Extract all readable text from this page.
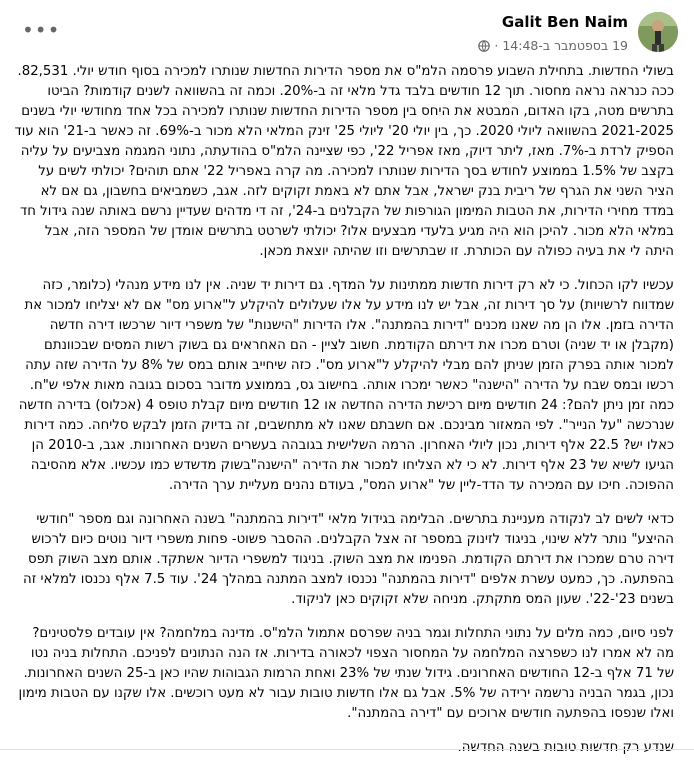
Galit Ben Naim
19 בספטמבר ב-14:48
·
•••

בשולי החדשות. בתחילת השבוע פרסמה הלמ"ס את מספר הדירות החדשות שנותרו למכירה בסוף חודש יולי. 82,531. ככה כנראה נראה מחסור. תוך 12 חודשים בלבד גדל מלאי זה ב-20%. וכמה זה בהשוואה לשנים קודמות? הביטו בתרשים מטה, בקו האדום, המבטא את היחס בין מספר הדירות החדשות שנותרו למכירה בכל אחד מחודשי יולי בשנים 2021-2025 בהשוואה ליולי 2020. כך, בין יולי 20' ליולי 25' זינק המלאי הלא מכור ב-69%. זה כאשר ב-21' הוא עוד הספיק לרדת ב-7%. מאז, ליתר דיוק, מאז אפריל 22', כפי שציינה הלמ"ס בהודעתה, נתוני המגמה מצביעים על עליה בקצב של 1.5% בממוצע לחודש בסך הדירות שנותרו למכירה. מה קרה באפריל 22' אתם תוהים? יכולתי לשים על הציר השני את הגרף של ריבית בנק ישראל, אבל אתם לא באמת זקוקים לזה. אגב, כשמביאים בחשבון, גם אם לא במדד מחירי הדירות, את הטבות המימון הגורפות של הקבלנים ב-24', זה די מדהים שעדיין נרשם באותה שנה גידול חד במלאי הלא מכור. להיכן הוא היה מגיע בלעדי מבצעים אלו? יכולתי לשרטט בתרשים אומדן של המספר הזה, אבל היתה לי את בעיה כפולה עם הכותרת. זו שבתרשים וזו שהיתה יוצאת מכאן.

עכשיו לקו הכחול. כי לא רק דירות חדשות ממתינות על המדף. גם דירות יד שניה. אין לנו מידע מנהלי (כלומר, כזה שמדווח לרשויות) על סך דירות זה, אבל יש לנו מידע על אלו שעלולים להיקלע ל"ארוע מס" אם לא יצליחו למכור את הדירה בזמן. אלו הן מה שאנו מכנים "דירות בהמתנה". אלו הדירות "הישנות" של משפרי דיור שרכשו דירה חדשה (מקבלן או יד שניה) וטרם מכרו את דירתם הקודמת. חשוב לציין - הם האחראים גם בשוק רשות המסים שבכוונתם למכור אותה בפרק הזמן שניתן להם מבלי להיקלע ל"ארוע מס". כזה שיחייב אותם במס של 8% על הדירה שזה עתה רכשו ובמס שבח על הדירה "הישנה" כאשר ימכרו אותה. בחישוב גס, בממוצע מדובר בסכום בגובה מאות אלפי ש"ח. כמה זמן ניתן להם?: 24 חודשים מיום רכישת הדירה החדשה או 12 חודשים מיום קבלת טופס 4 (אכלוס) בדירה חדשה שנרכשה "על הנייר". לפי המאזור מבינכם. אם חשבתם שאנו לא מתחשבים, זה בדיוק הזמן לבקש סליחה. כמה דירות כאלו יש? 22.5 אלף דירות, נכון ליולי האחרון. הרמה השלישית בגובהה בעשרים השנים האחרונות. אגב, ב-2010 הן הגיעו לשיא של 23 אלף דירות. לא כי לא הצליחו למכור את הדירה "הישנה"בשוק מדשדש כמו עכשיו. אלא מהסיבה ההפוכה. חיכו עם המכירה עד הדד-ליין של "ארוע המס", בעודם נהנים מעליית ערך הדירה.

כדאי לשים לב לנקודה מעניינת בתרשים. הבלימה בגידול מלאי "דירות בהמתנה" בשנה האחרונה וגם מספר "חודשי ההיצע" נותר ללא שינוי, בניגוד לזינוק במספר זה אצל הקבלנים. ההסבר פשוט- פחות משפרי דיור נוטים כיום לרכוש דירה טרם שמכרו את דירתם הקודמת. הפנימו את מצב השוק. בניגוד למשפרי הדיור אשתקד. אותם מצב השוק תפס בהפתעה. כך, כמעט עשרת אלפים "דירות בהמתנה" נכנסו למצב המתנה במהלך 24'. עוד 7.5 אלף נכנסו למלאי זה בשנים 23'-22'. שעון המס מתקתק. מניחה שלא זקוקים כאן לניקוד.

לפני סיום, כמה מלים על נתוני התחלות וגמר בניה שפרסם אתמול הלמ"ס. מדינה במלחמה? אין עובדים פלסטינים? מה לא אמרו לנו כשפרצה המלחמה על המחסור הצפוי לכאורה בדירות. אז הנה הנתונים לפניכם. התחלות בניה נטו של 71 אלף ב-12 החודשים האחרונים. גידול שנתי של 23% ואחת הרמות הגבוהות שהיו כאן ב-25 השנים האחרונות. נכון, בגמר הבניה נרשמה ירידה של 5%. אבל גם אלו חדשות טובות עבור לא מעט רוכשים. אלו שקנו עם הטבות מימון ואלו שנפסו בהפתעה חודשים ארוכים עם "דירה בהמתנה".

שנדע רק חדשות טובות בשנה החדשה.
